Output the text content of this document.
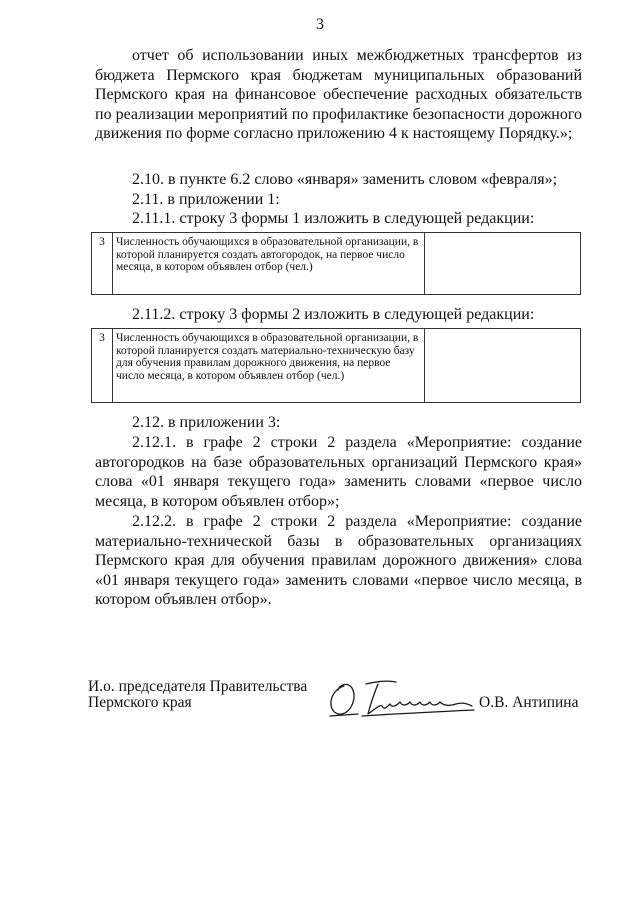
3

отчет об использовании иных межбюджетных трансфертов из бюджета Пермского края бюджетам муниципальных образований Пермского края на финансовое обеспечение расходных обязательств по реализации мероприятий по профилактике безопасности дорожного движения по форме согласно приложению 4 к настоящему Порядку.»;

2.10. в пункте 6.2 слово «января» заменить словом «февраля»;
2.11. в приложении 1:
2.11.1. строку 3 формы 1 изложить в следующей редакции:
3	Численность обучающихся в образовательной организации, в которой планируется создать автогородок, на первое число месяца, в котором объявлен отбор (чел.)	
2.11.2. строку 3 формы 2 изложить в следующей редакции:
3	Численность обучающихся в образовательной организации, в которой планируется создать материально-техническую базу для обучения правилам дорожного движения, на первое число месяца, в котором объявлен отбор (чел.)	
2.12. в приложении 3:

2.12.1. в графе 2 строки 2 раздела «Мероприятие: создание автогородков на базе образовательных организаций Пермского края» слова «01 января текущего года» заменить словами «первое число месяца, в котором объявлен отбор»;

2.12.2. в графе 2 строки 2 раздела «Мероприятие: создание материально-технической базы в образовательных организациях Пермского края для обучения правилам дорожного движения» слова «01 января текущего года» заменить словами «первое число месяца, в котором объявлен отбор».

И.о. председателя Правительства
Пермского края	О.В. Антипина
